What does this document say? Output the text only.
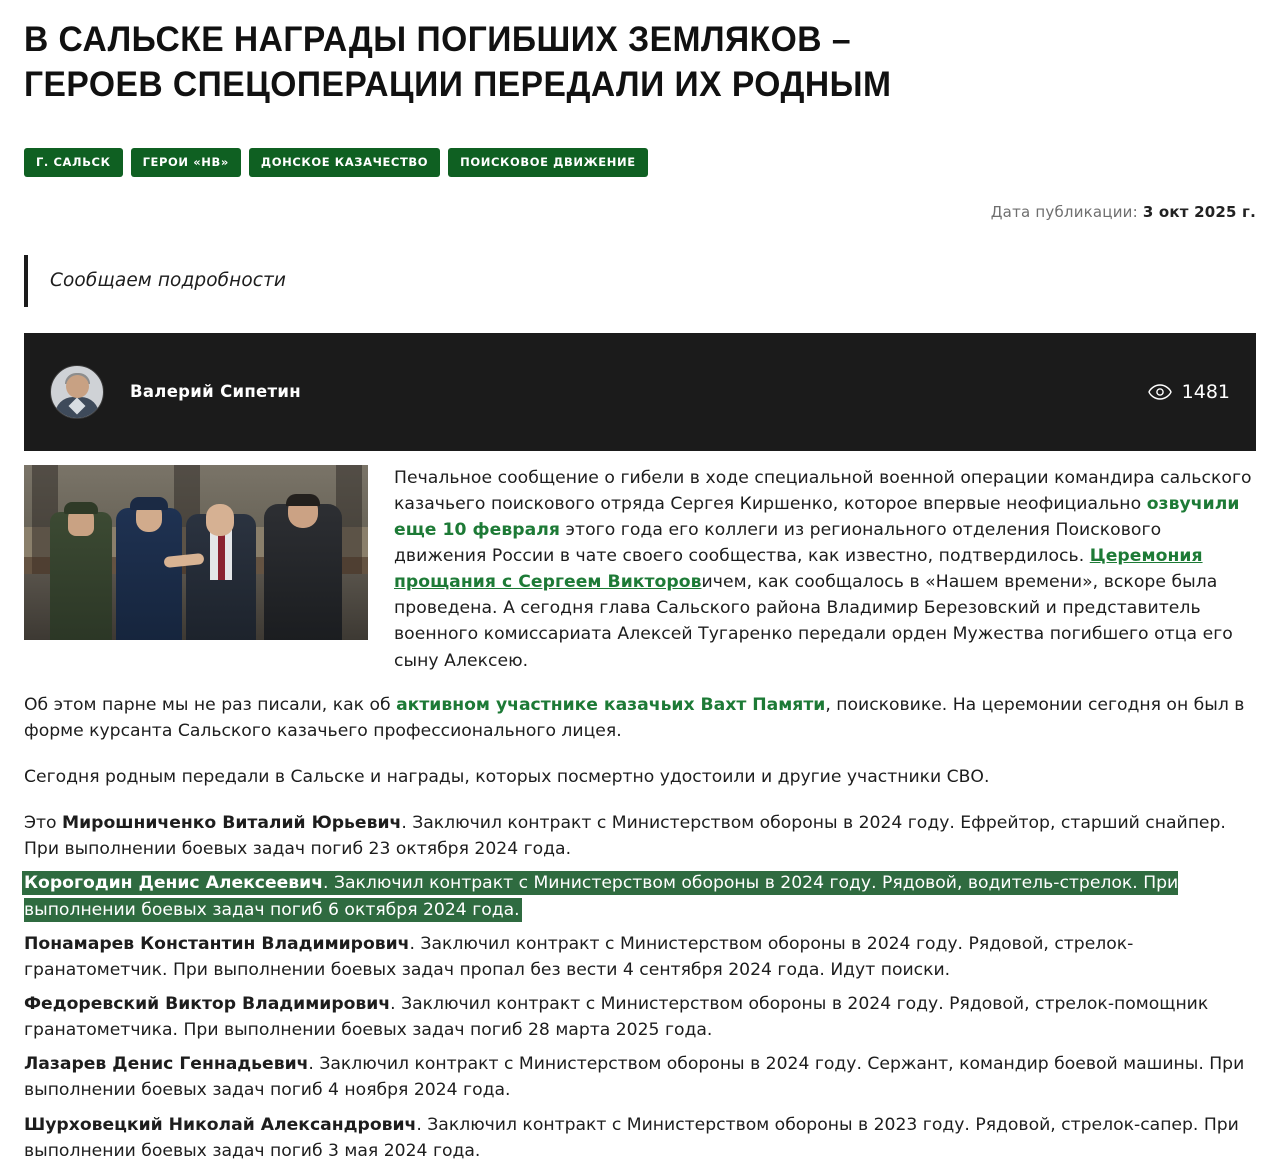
В САЛЬСКЕ НАГРАДЫ ПОГИБШИХ ЗЕМЛЯКОВ – ГЕРОЕВ СПЕЦОПЕРАЦИИ ПЕРЕДАЛИ ИХ РОДНЫМ
Г. САЛЬСК	ГЕРОИ «НВ»	ДОНСКОЕ КАЗАЧЕСТВО	ПОИСКОВОЕ ДВИЖЕНИЕ
Дата публикации: 3 окт 2025 г.
Сообщаем подробности
Валерий Сипетин	1481

Печальное сообщение о гибели в ходе специальной военной операции командира сальского казачьего поискового отряда Сергея Киршенко, которое впервые неофициально озвучили еще 10 февраля этого года его коллеги из регионального отделения Поискового движения России в чате своего сообщества, как известно, подтвердилось. Церемония прощания с Сергеем Викторовичем, как сообщалось в «Нашем времени», вскоре была проведена. А сегодня глава Сальского района Владимир Березовский и представитель военного комиссариата Алексей Тугаренко передали орден Мужества погибшего отца его сыну Алексею.

Об этом парне мы не раз писали, как об активном участнике казачьих Вахт Памяти, поисковике. На церемонии сегодня он был в форме курсанта Сальского казачьего профессионального лицея.

Сегодня родным передали в Сальске и награды, которых посмертно удостоили и другие участники СВО.

Это Мирошниченко Виталий Юрьевич. Заключил контракт с Министерством обороны в 2024 году. Ефрейтор, старший снайпер. При выполнении боевых задач погиб 23 октября 2024 года.
Корогодин Денис Алексеевич. Заключил контракт с Министерством обороны в 2024 году. Рядовой, водитель-стрелок. При выполнении боевых задач погиб 6 октября 2024 года.
Понамарев Константин Владимирович. Заключил контракт с Министерством обороны в 2024 году. Рядовой, стрелок-гранатометчик. При выполнении боевых задач пропал без вести 4 сентября 2024 года. Идут поиски.
Федоревский Виктор Владимирович. Заключил контракт с Министерством обороны в 2024 году. Рядовой, стрелок-помощник гранатометчика. При выполнении боевых задач погиб 28 марта 2025 года.
Лазарев Денис Геннадьевич. Заключил контракт с Министерством обороны в 2024 году. Сержант, командир боевой машины. При выполнении боевых задач погиб 4 ноября 2024 года.
Шурховецкий Николай Александрович. Заключил контракт с Министерством обороны в 2023 году. Рядовой, стрелок-сапер. При выполнении боевых задач погиб 3 мая 2024 года.
